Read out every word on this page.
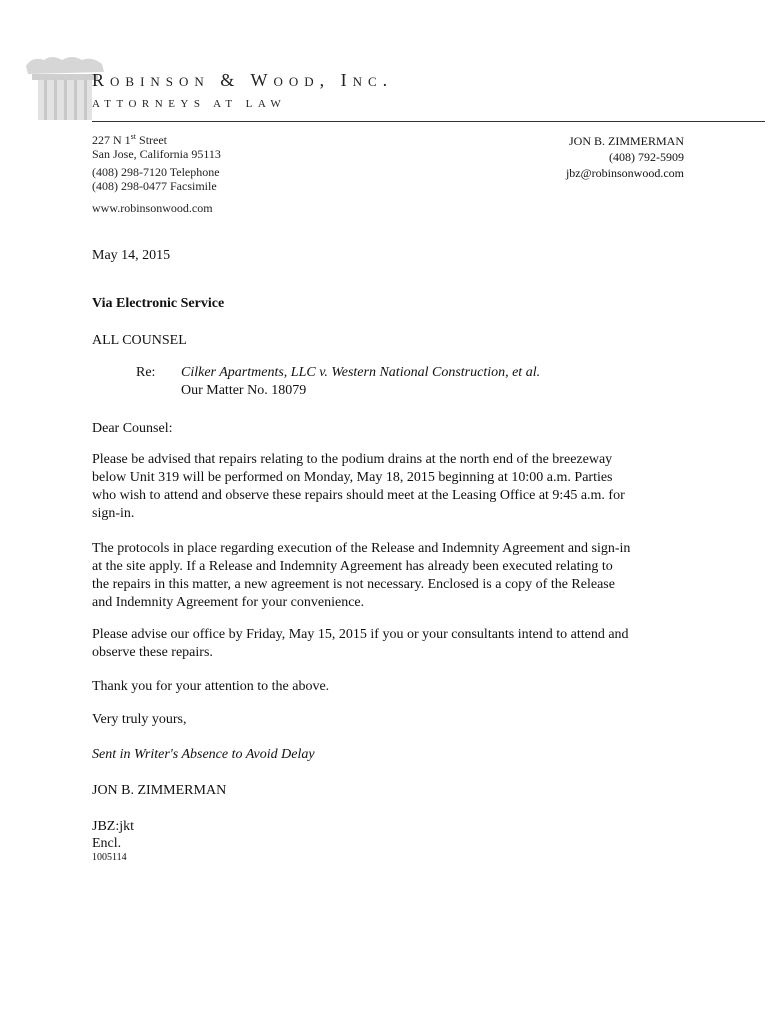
Robinson & Wood, Inc.
ATTORNEYS AT LAW
227 N 1st Street
San Jose, California 95113
(408) 298-7120 Telephone
(408) 298-0477 Facsimile
www.robinsonwood.com
JON B. ZIMMERMAN
(408) 792-5909
jbz@robinsonwood.com
May 14, 2015
Via Electronic Service
ALL COUNSEL
Re: Cilker Apartments, LLC v. Western National Construction, et al.
Our Matter No. 18079
Dear Counsel:
Please be advised that repairs relating to the podium drains at the north end of the breezeway
below Unit 319 will be performed on Monday, May 18, 2015 beginning at 10:00 a.m. Parties
who wish to attend and observe these repairs should meet at the Leasing Office at 9:45 a.m. for
sign-in.
The protocols in place regarding execution of the Release and Indemnity Agreement and sign-in
at the site apply. If a Release and Indemnity Agreement has already been executed relating to
the repairs in this matter, a new agreement is not necessary. Enclosed is a copy of the Release
and Indemnity Agreement for your convenience.
Please advise our office by Friday, May 15, 2015 if you or your consultants intend to attend and
observe these repairs.
Thank you for your attention to the above.
Very truly yours,
Sent in Writer's Absence to Avoid Delay
JON B. ZIMMERMAN
JBZ:jkt
Encl.
1005114
